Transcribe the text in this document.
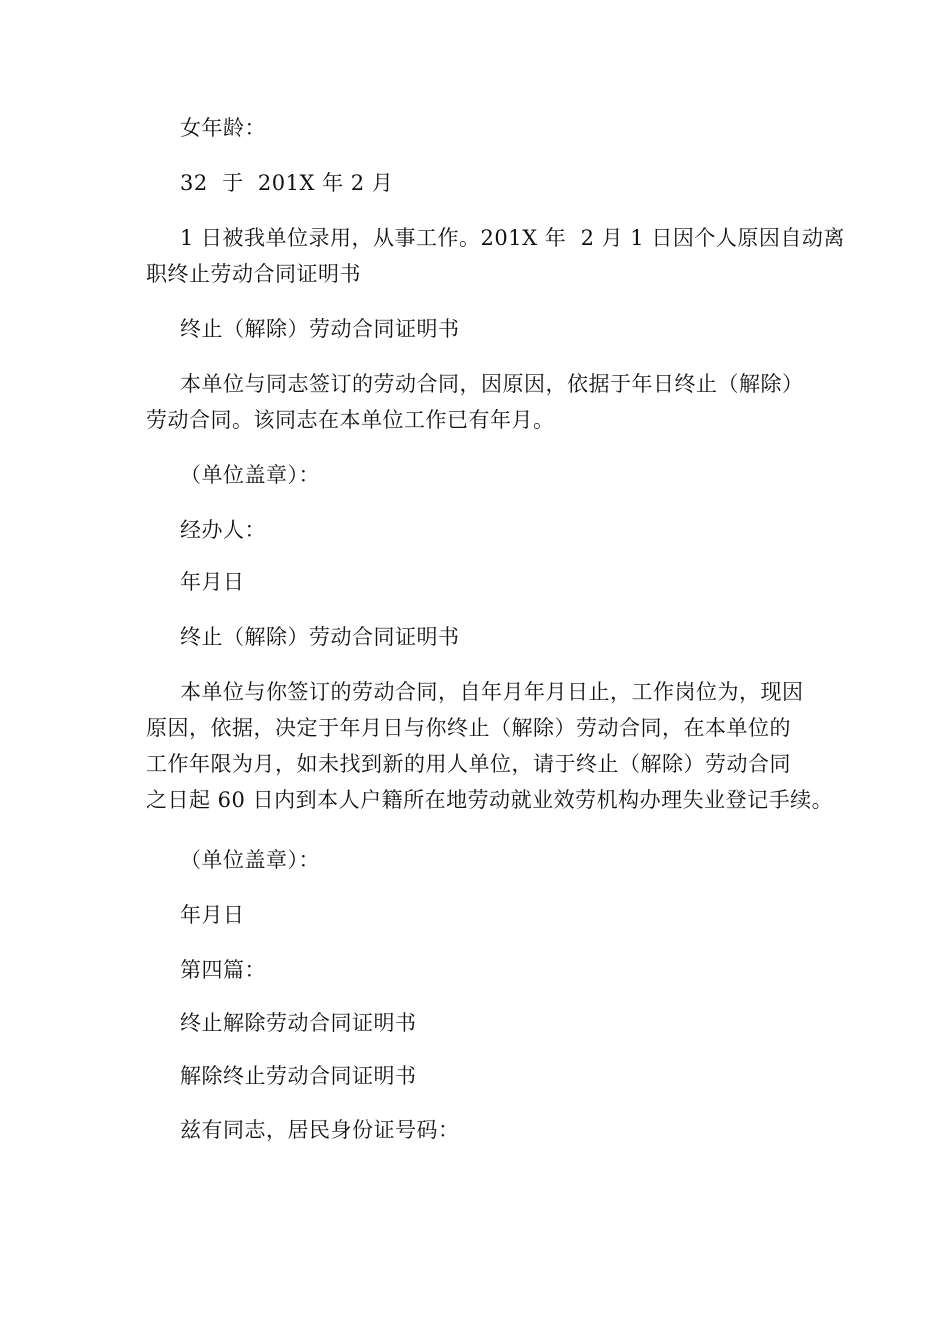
女年龄：
32  于  201X 年 2 月
1 日被我单位录用，从事工作。201X 年  2 月 1 日因个人原因自动离
职终止劳动合同证明书
终止（解除）劳动合同证明书
本单位与同志签订的劳动合同，因原因，依据于年日终止（解除）
劳动合同。该同志在本单位工作已有年月。
（单位盖章）：
经办人：
年月日
终止（解除）劳动合同证明书
本单位与你签订的劳动合同，自年月年月日止，工作岗位为，现因
原因，依据，决定于年月日与你终止（解除）劳动合同，在本单位的
工作年限为月，如未找到新的用人单位，请于终止（解除）劳动合同
之日起 60 日内到本人户籍所在地劳动就业效劳机构办理失业登记手续。
（单位盖章）：
年月日
第四篇：
终止解除劳动合同证明书
解除终止劳动合同证明书
兹有同志，居民身份证号码：
